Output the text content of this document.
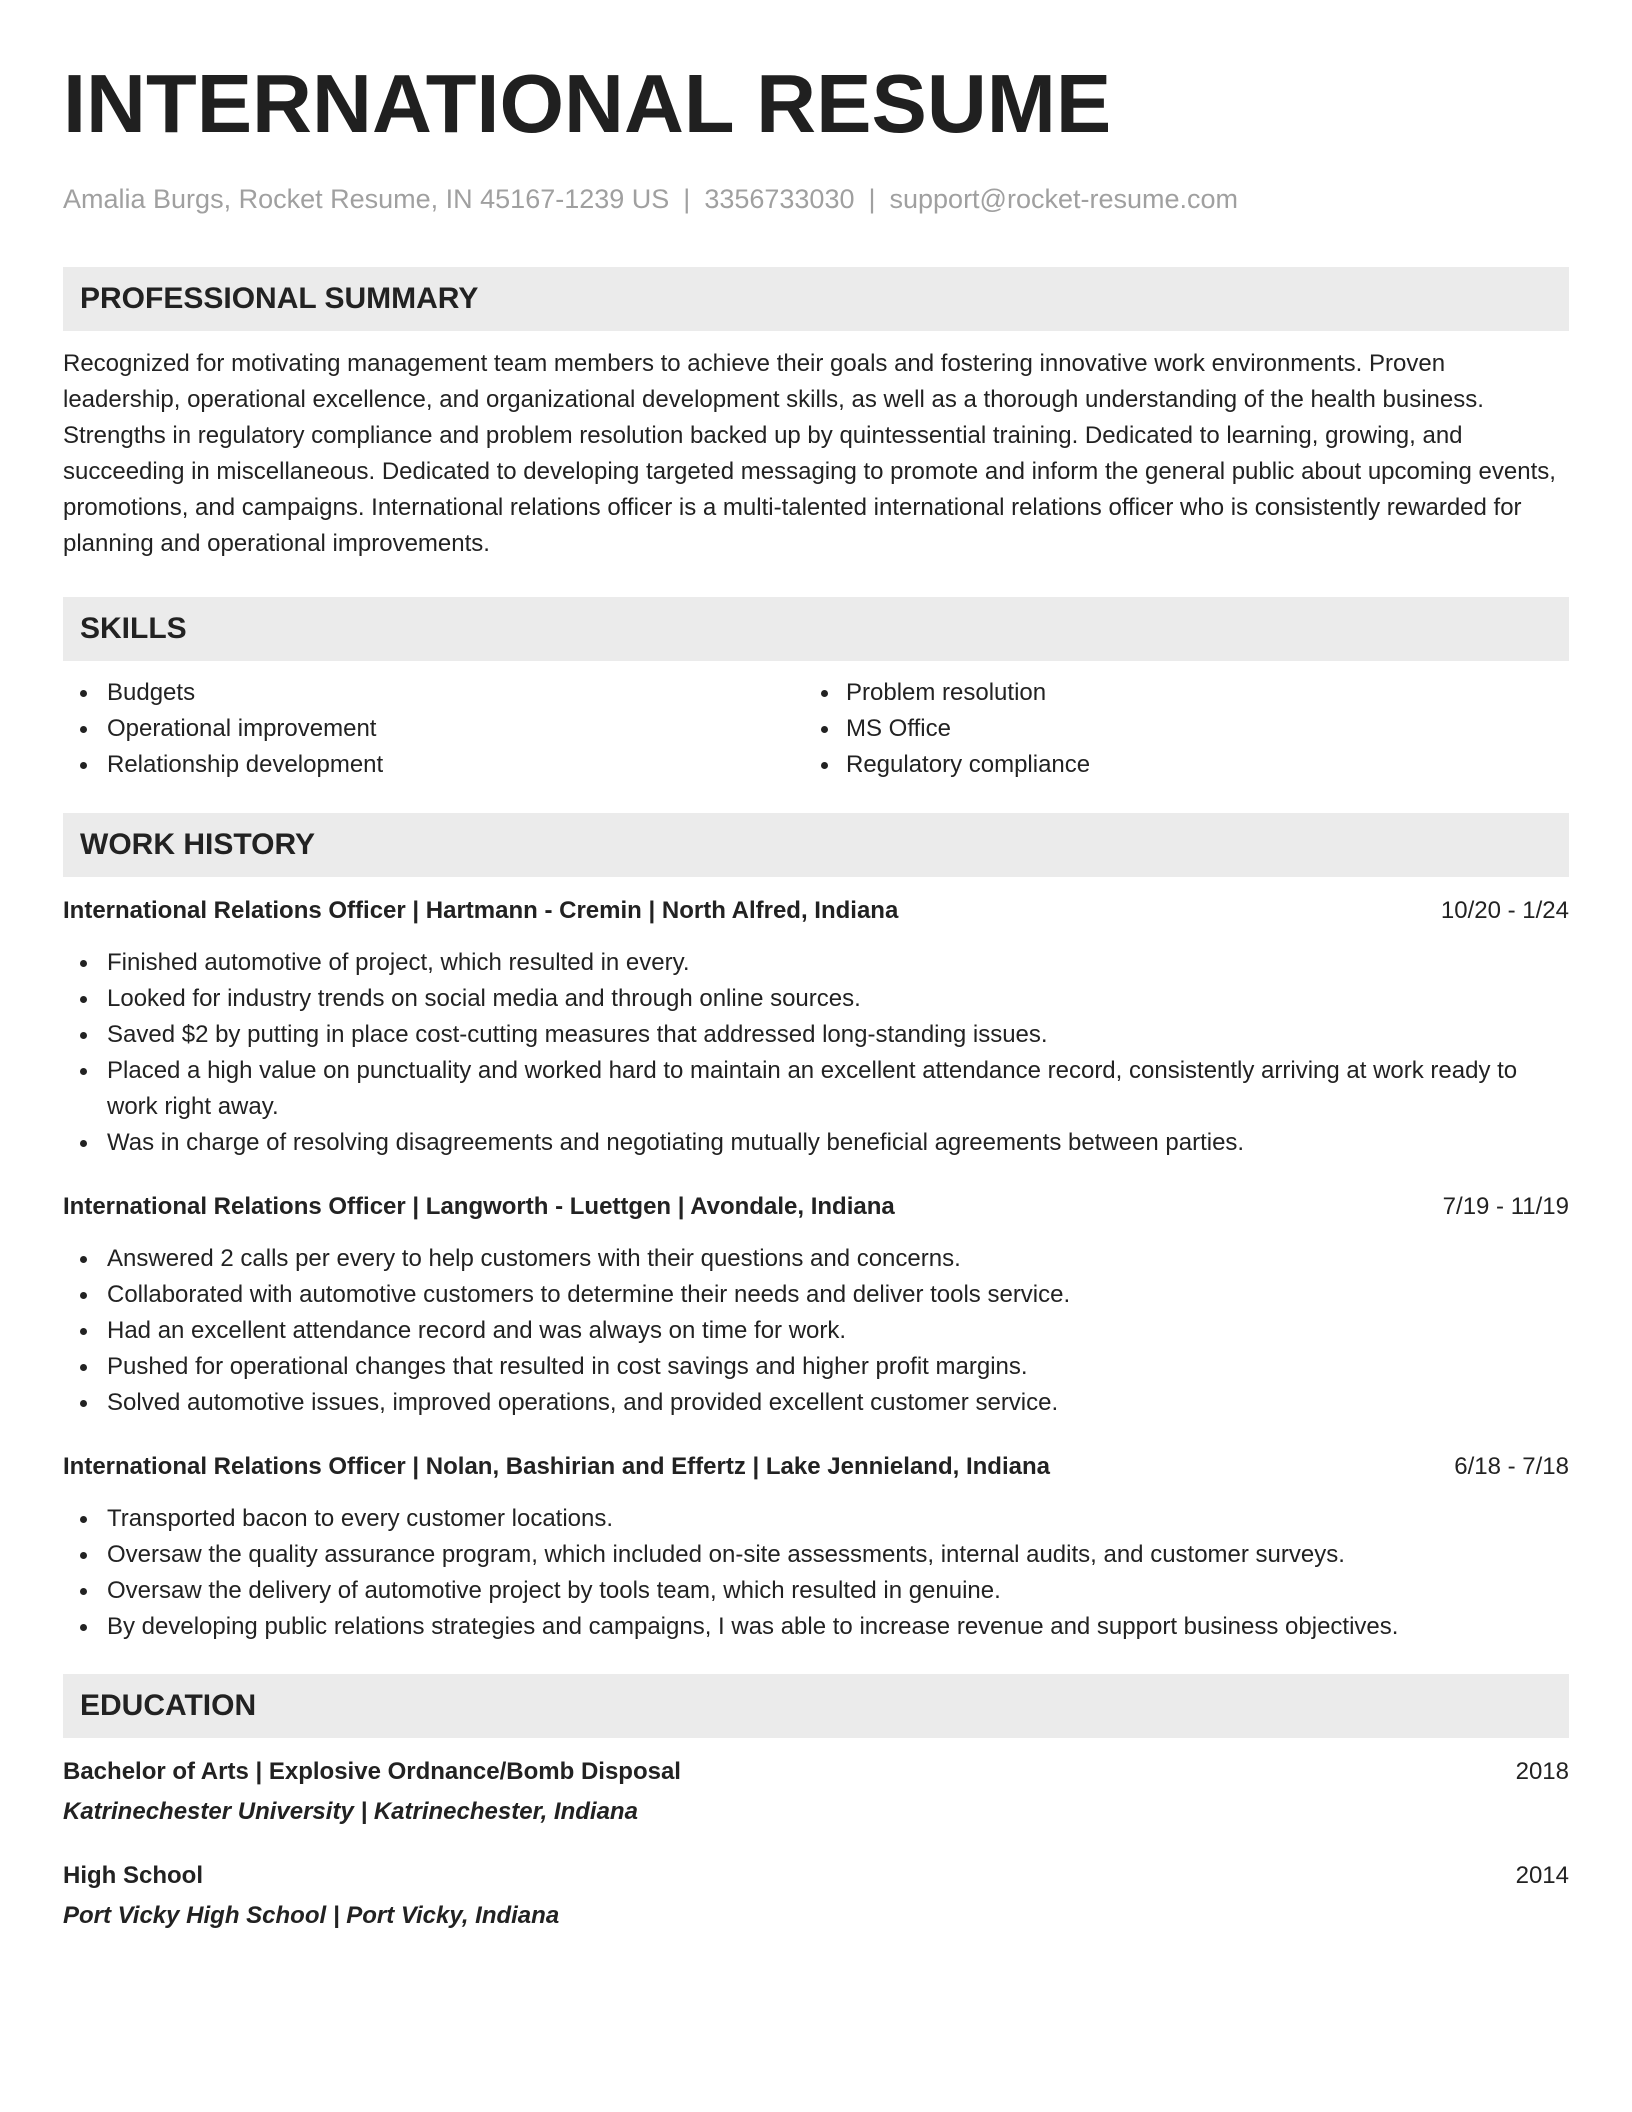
INTERNATIONAL RESUME
Amalia Burgs, Rocket Resume, IN 45167-1239 US | 3356733030 | support@rocket-resume.com
PROFESSIONAL SUMMARY

Recognized for motivating management team members to achieve their goals and fostering innovative work environments. Proven leadership, operational excellence, and organizational development skills, as well as a thorough understanding of the health business. Strengths in regulatory compliance and problem resolution backed up by quintessential training. Dedicated to learning, growing, and succeeding in miscellaneous. Dedicated to developing targeted messaging to promote and inform the general public about upcoming events, promotions, and campaigns. International relations officer is a multi-talented international relations officer who is consistently rewarded for planning and operational improvements.

SKILLS
Budgets
Operational improvement
Relationship development
Problem resolution
MS Office
Regulatory compliance
WORK HISTORY
International Relations Officer | Hartmann - Cremin | North Alfred, Indiana	10/20 - 1/24
Finished automotive of project, which resulted in every.
Looked for industry trends on social media and through online sources.
Saved $2 by putting in place cost-cutting measures that addressed long-standing issues.
Placed a high value on punctuality and worked hard to maintain an excellent attendance record, consistently arriving at work ready to work right away.
Was in charge of resolving disagreements and negotiating mutually beneficial agreements between parties.
International Relations Officer | Langworth - Luettgen | Avondale, Indiana	7/19 - 11/19
Answered 2 calls per every to help customers with their questions and concerns.
Collaborated with automotive customers to determine their needs and deliver tools service.
Had an excellent attendance record and was always on time for work.
Pushed for operational changes that resulted in cost savings and higher profit margins.
Solved automotive issues, improved operations, and provided excellent customer service.
International Relations Officer | Nolan, Bashirian and Effertz | Lake Jennieland, Indiana	6/18 - 7/18
Transported bacon to every customer locations.
Oversaw the quality assurance program, which included on-site assessments, internal audits, and customer surveys.
Oversaw the delivery of automotive project by tools team, which resulted in genuine.
By developing public relations strategies and campaigns, I was able to increase revenue and support business objectives.
EDUCATION
Bachelor of Arts | Explosive Ordnance/Bomb Disposal	2018
Katrinechester University | Katrinechester, Indiana
High School	2014
Port Vicky High School | Port Vicky, Indiana
